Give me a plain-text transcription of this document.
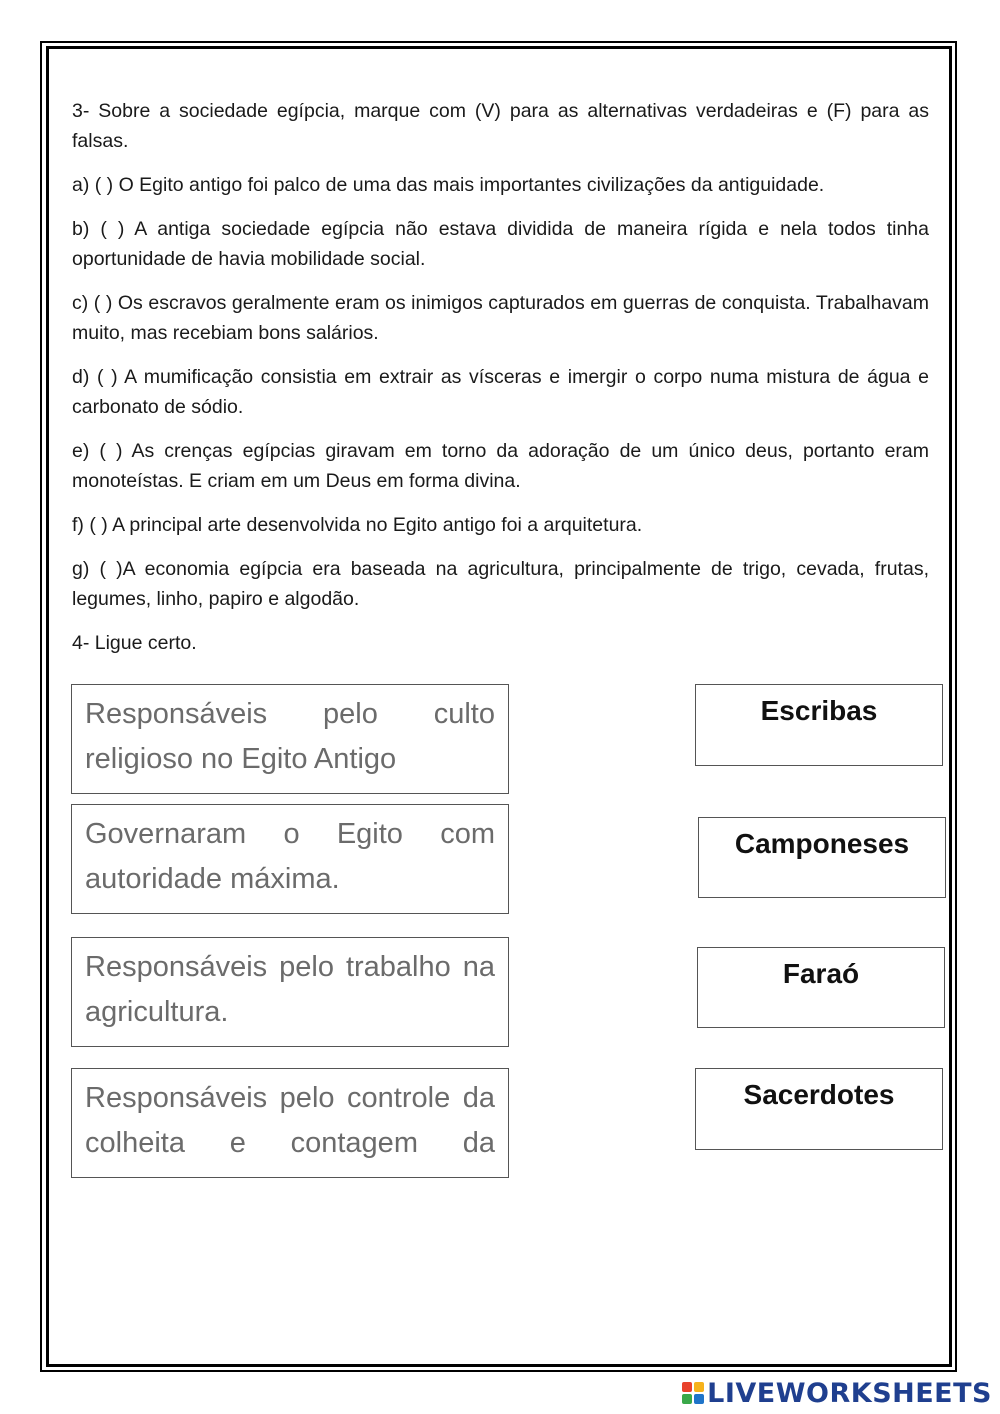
3- Sobre a sociedade egípcia, marque com (V) para as alternativas verdadeiras e (F) para as falsas.

a) ( ) O Egito antigo foi palco de uma das mais importantes civilizações da antiguidade.

b) ( ) A antiga sociedade egípcia não estava dividida de maneira rígida e nela todos tinha oportunidade de havia mobilidade social.

c) ( ) Os escravos geralmente eram os inimigos capturados em guerras de conquista. Trabalhavam muito, mas recebiam bons salários.

d) ( ) A mumificação consistia em extrair as vísceras e imergir o corpo numa mistura de água e carbonato de sódio.

e) ( ) As crenças egípcias giravam em torno da adoração de um único deus, portanto eram monoteístas. E criam em um Deus em forma divina.

f) ( ) A principal arte desenvolvida no Egito antigo foi a arquitetura.

g) ( )A economia egípcia era baseada na agricultura, principalmente de trigo, cevada, frutas, legumes, linho, papiro e algodão.

4- Ligue certo.

Responsáveis pelo culto religioso no Egito Antigo
Governaram o Egito com autoridade máxima.
Responsáveis pelo trabalho na agricultura.
Responsáveis pelo controle da colheita e contagem da
Escribas
Camponeses
Faraó
Sacerdotes
LIVEWORKSHEETS
